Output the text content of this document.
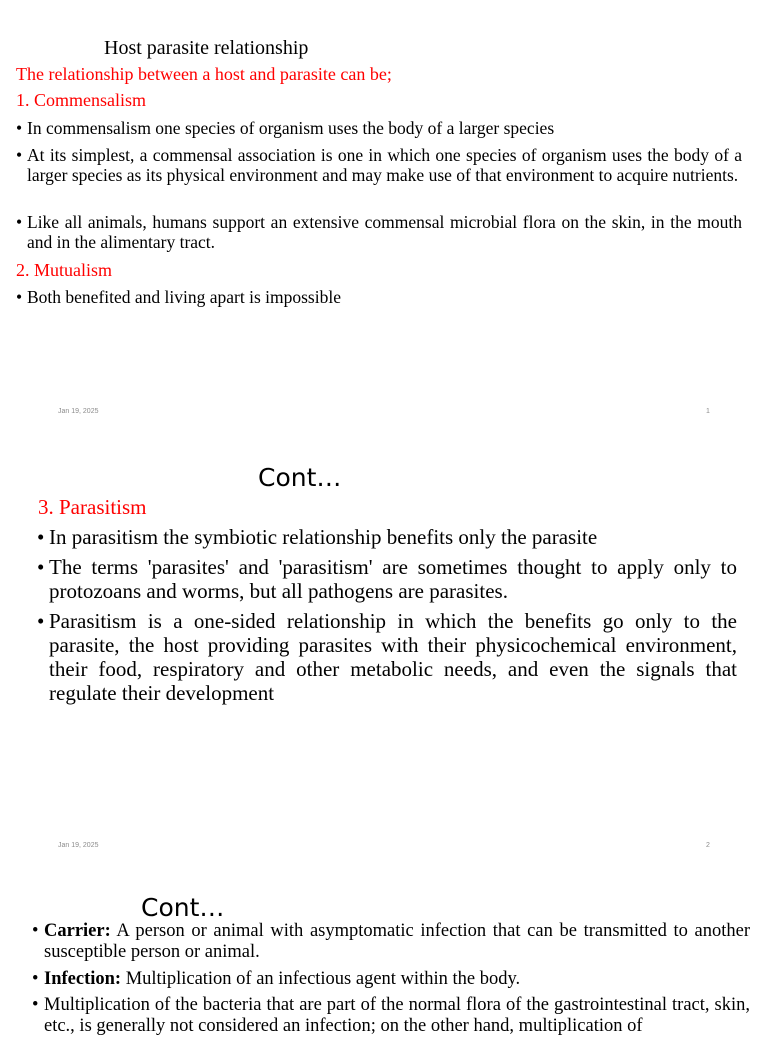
Host parasite relationship
The relationship between a host and parasite can be;
1. Commensalism
• In commensalism one species of organism uses the body of a larger species
• At its simplest, a commensal association is one in which one species of organism uses the body of a larger species as its physical environment and may make use of that environment to acquire nutrients.
• Like all animals, humans support an extensive commensal microbial flora on the skin, in the mouth and in the alimentary tract.
2. Mutualism
• Both benefited and living apart is impossible
Jan 19, 2025	1
Cont…
3. Parasitism
• In parasitism the symbiotic relationship benefits only the parasite
• The terms 'parasites' and 'parasitism' are sometimes thought to apply only to protozoans and worms, but all pathogens are parasites.
• Parasitism is a one-sided relationship in which the benefits go only to the parasite, the host providing parasites with their physicochemical environment, their food, respiratory and other metabolic needs, and even the signals that regulate their development
Jan 19, 2025	2
Cont…
• Carrier: A person or animal with asymptomatic infection that can be transmitted to another susceptible person or animal.
• Infection: Multiplication of an infectious agent within the body.
• Multiplication of the bacteria that are part of the normal flora of the gastrointestinal tract, skin, etc., is generally not considered an infection; on the other hand, multiplication of
